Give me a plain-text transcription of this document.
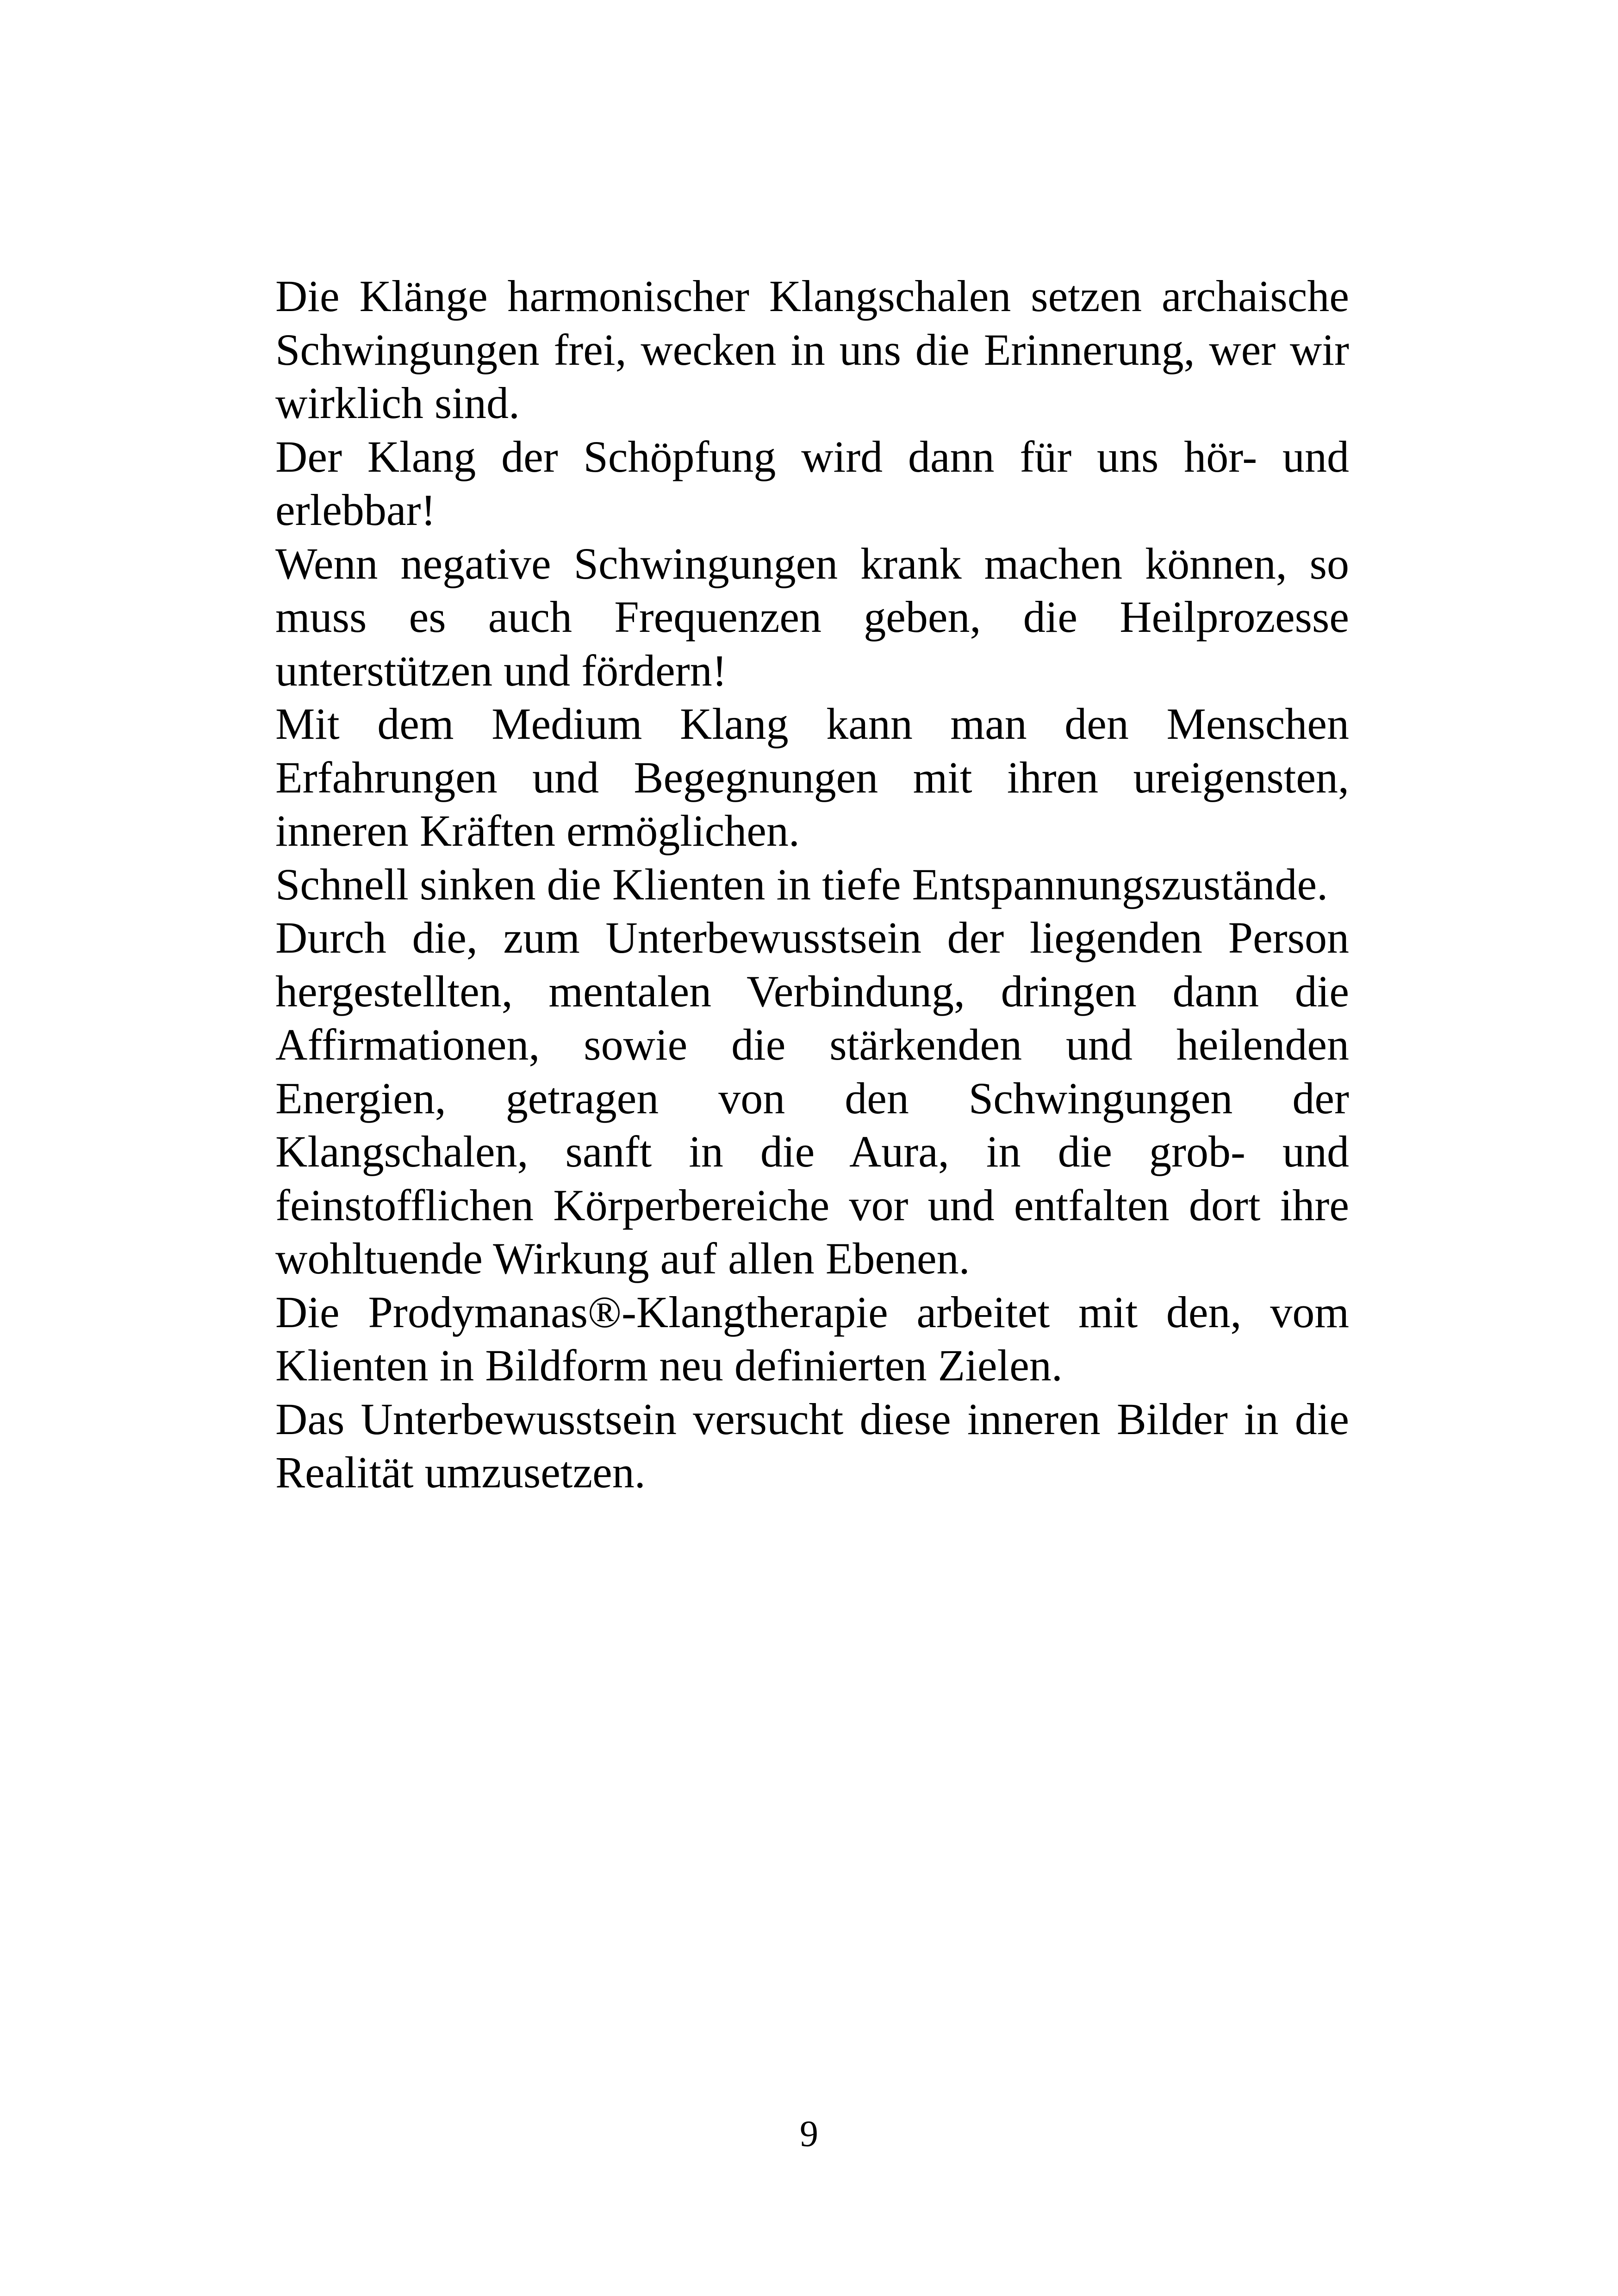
Die Klänge harmonischer Klangschalen setzen archaische Schwingungen frei, wecken in uns die Erinnerung, wer wir wirklich sind.

Der Klang der Schöpfung wird dann für uns hör- und erlebbar!

Wenn negative Schwingungen krank machen können, so muss es auch Frequenzen geben, die Heilprozesse unterstützen und fördern!

Mit dem Medium Klang kann man den Menschen Erfahrungen und Begegnungen mit ihren ureigensten, inneren Kräften ermöglichen.

Schnell sinken die Klienten in tiefe Entspannungszustände.

Durch die, zum Unterbewusstsein der liegenden Person hergestellten, mentalen Verbindung, dringen dann die Affirmationen, sowie die stärkenden und heilenden Energien, getragen von den Schwingungen der Klangschalen, sanft in die Aura, in die grob- und feinstofflichen Körperbereiche vor und entfalten dort ihre wohltuende Wirkung auf allen Ebenen.

Die Prodymanas®-Klangtherapie arbeitet mit den, vom Klienten in Bildform neu definierten Zielen.

Das Unterbewusstsein versucht diese inneren Bilder in die Realität umzusetzen.

9
